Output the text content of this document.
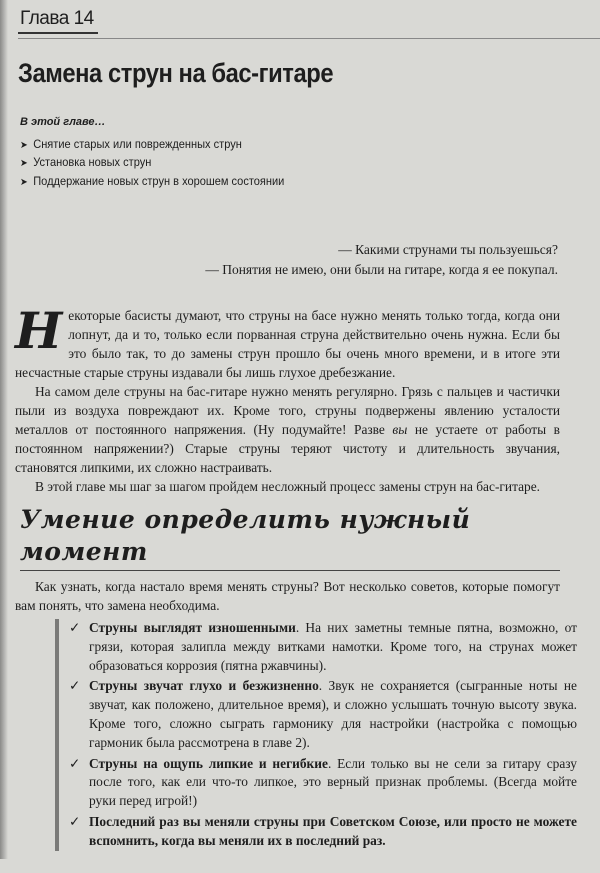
Глава 14
Замена струн на бас-гитаре
В этой главе…
➤ Снятие старых или поврежденных струн
➤ Установка новых струн
➤ Поддержание новых струн в хорошем состоянии
— Какими струнами ты пользуешься?
— Понятия не имею, они были на гитаре, когда я ее покупал.

Некоторые басисты думают, что струны на басе нужно менять только тогда, когда они лопнут, да и то, только если порванная струна действительно очень нужна. Если бы это было так, то до замены струн прошло бы очень много времени, и в итоге эти несчастные старые струны издавали бы лишь глухое дребезжание.

На самом деле струны на бас-гитаре нужно менять регулярно. Грязь с пальцев и частички пыли из воздуха повреждают их. Кроме того, струны подвержены явлению усталости металлов от постоянного напряжения. (Ну подумайте! Разве вы не устаете от работы в постоянном напряжении?) Старые струны теряют чистоту и длительность звучания, становятся липкими, их сложно настраивать.

В этой главе мы шаг за шагом пройдем несложный процесс замены струн на бас-гитаре.

Умение определить нужный момент

Как узнать, когда настало время менять струны? Вот несколько советов, которые помогут вам понять, что замена необходима.

✓ Струны выглядят изношенными. На них заметны темные пятна, возможно, от грязи, которая залипла между витками намотки. Кроме того, на струнах может образоваться коррозия (пятна ржавчины).
✓ Струны звучат глухо и безжизненно. Звук не сохраняется (сыгранные ноты не звучат, как положено, длительное время), и сложно услышать точную высоту звука. Кроме того, сложно сыграть гармонику для настройки (настройка с помощью гармоник была рассмотрена в главе 2).
✓ Струны на ощупь липкие и негибкие. Если только вы не сели за гитару сразу после того, как ели что-то липкое, это верный признак проблемы. (Всегда мойте руки перед игрой!)
✓ Последний раз вы меняли струны при Советском Союзе, или просто не можете вспомнить, когда вы меняли их в последний раз.
